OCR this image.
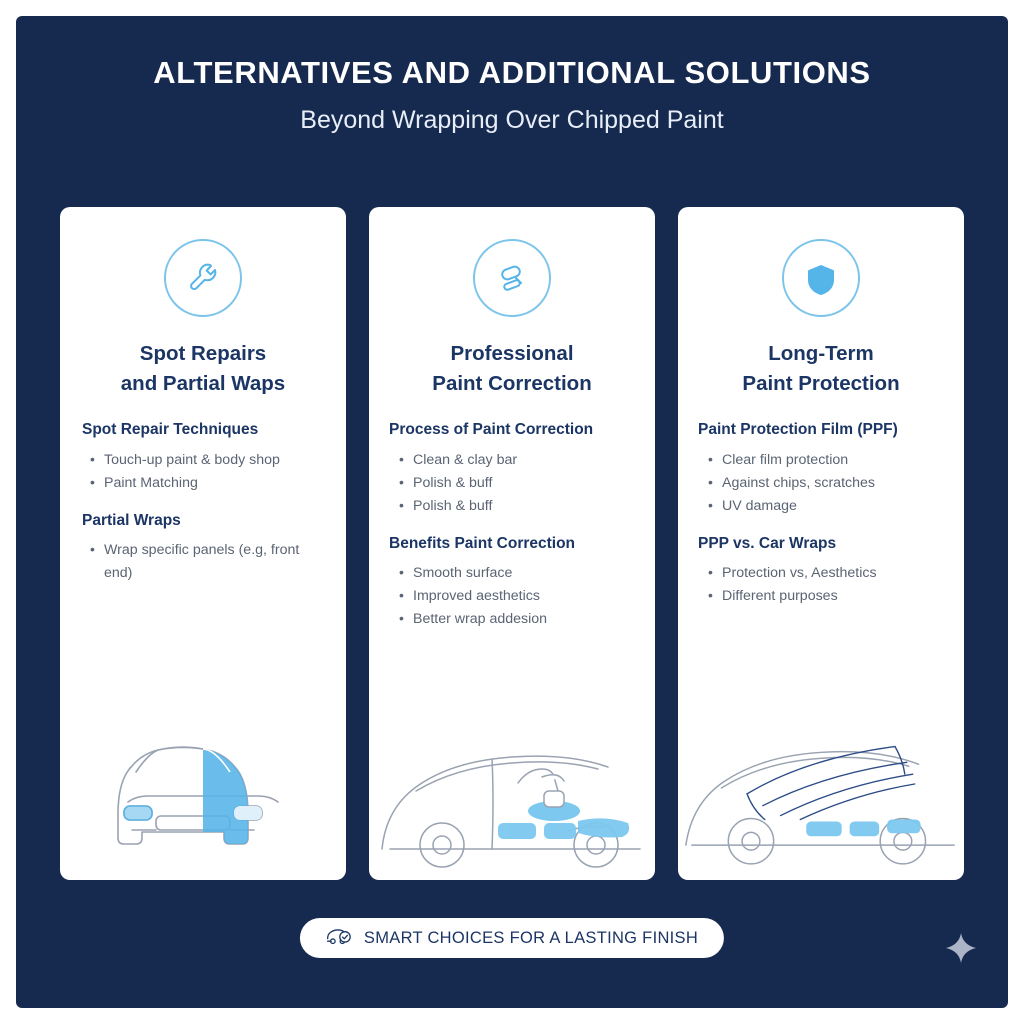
ALTERNATIVES AND ADDITIONAL SOLUTIONS
Beyond Wrapping Over Chipped Paint
Spot Repairs
and Partial Waps
Spot Repair Techniques
• Touch-up paint & body shop
• Paint Matching
Partial Wraps
• Wrap specific panels (e.g, front end)
Professional
Paint Correction
Process of Paint Correction
• Clean & clay bar
• Polish & buff
• Polish & buff
Benefits Paint Correction
• Smooth surface
• Improved aesthetics
• Better wrap addesion
Long-Term
Paint Protection
Paint Protection Film (PPF)
• Clear film protection
• Against chips, scratches
• UV damage
PPP vs. Car Wraps
• Protection vs, Aesthetics
• Different purposes
SMART CHOICES FOR A LASTING FINISH
